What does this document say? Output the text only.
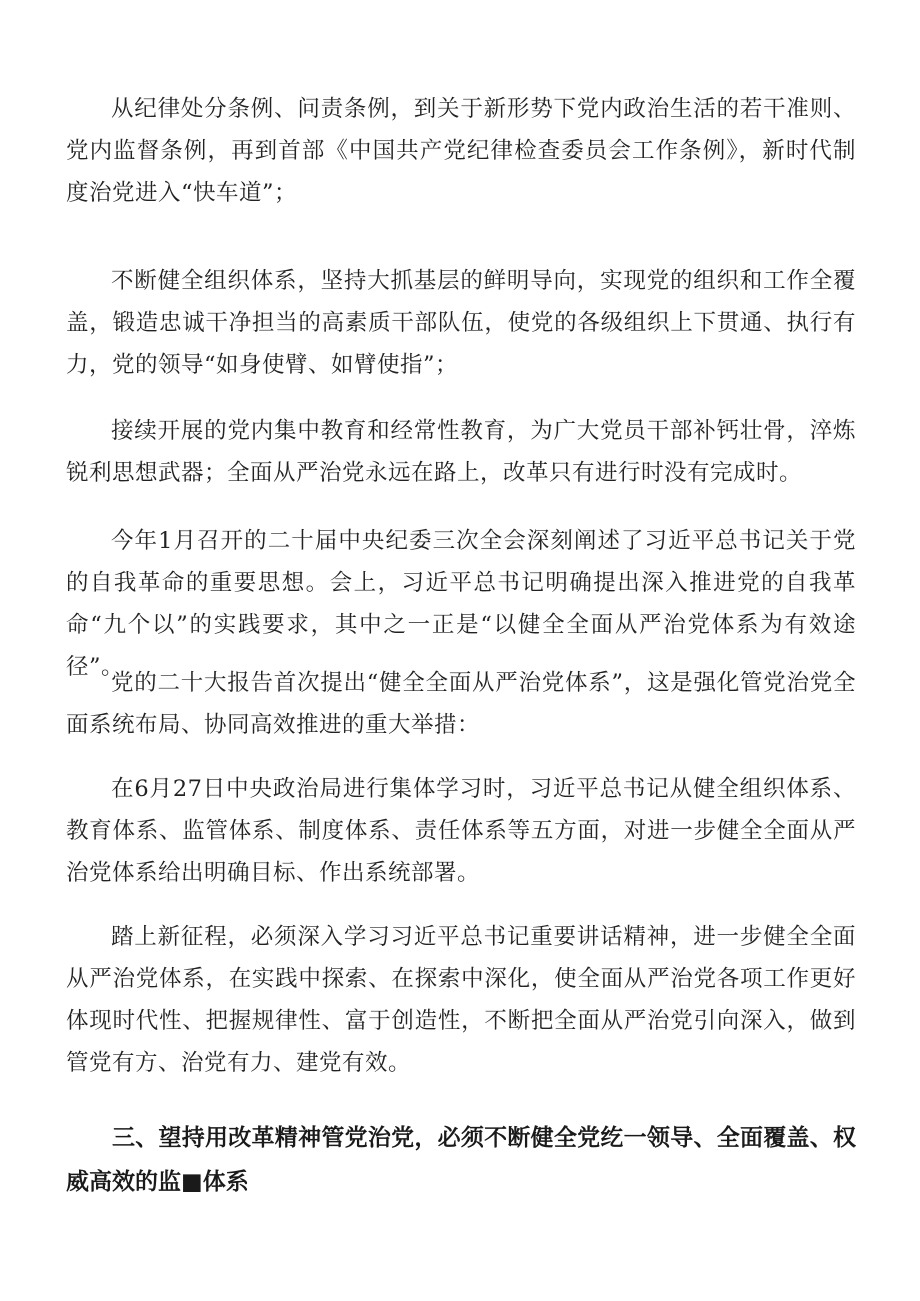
从纪律处分条例、问责条例，到关于新形势下党内政治生活的若干准则、党内监督条例，再到首部《中国共产党纪律检查委员会工作条例》，新时代制度治党进入“快车道”；

不断健全组织体系，坚持大抓基层的鲜明导向，实现党的组织和工作全覆盖，锻造忠诚干净担当的高素质干部队伍，使党的各级组织上下贯通、执行有力，党的领导“如身使臂、如臂使指”；

接续开展的党内集中教育和经常性教育，为广大党员干部补钙壮骨，淬炼锐利思想武器；全面从严治党永远在路上，改革只有进行时没有完成时。

今年1月召开的二十届中央纪委三次全会深刻阐述了习近平总书记关于党的自我革命的重要思想。会上，习近平总书记明确提出深入推进党的自我革命“九个以”的实践要求，其中之一正是“以健全全面从严治党体系为有效途径”。

党的二十大报告首次提出“健全全面从严治党体系”，这是强化管党治党全面系统布局、协同高效推进的重大举措：

在6月27日中央政治局进行集体学习时，习近平总书记从健全组织体系、教育体系、监管体系、制度体系、责任体系等五方面，对进一步健全全面从严治党体系给出明确目标、作出系统部署。

踏上新征程，必须深入学习习近平总书记重要讲话精神，进一步健全全面从严治党体系，在实践中探索、在探索中深化，使全面从严治党各项工作更好体现时代性、把握规律性、富于创造性，不断把全面从严治党引向深入，做到管党有方、治党有力、建党有效。

三、望持用改革精神管党治党，必须不断健全党纥一领导、全面覆盖、权威高效的监■体系
